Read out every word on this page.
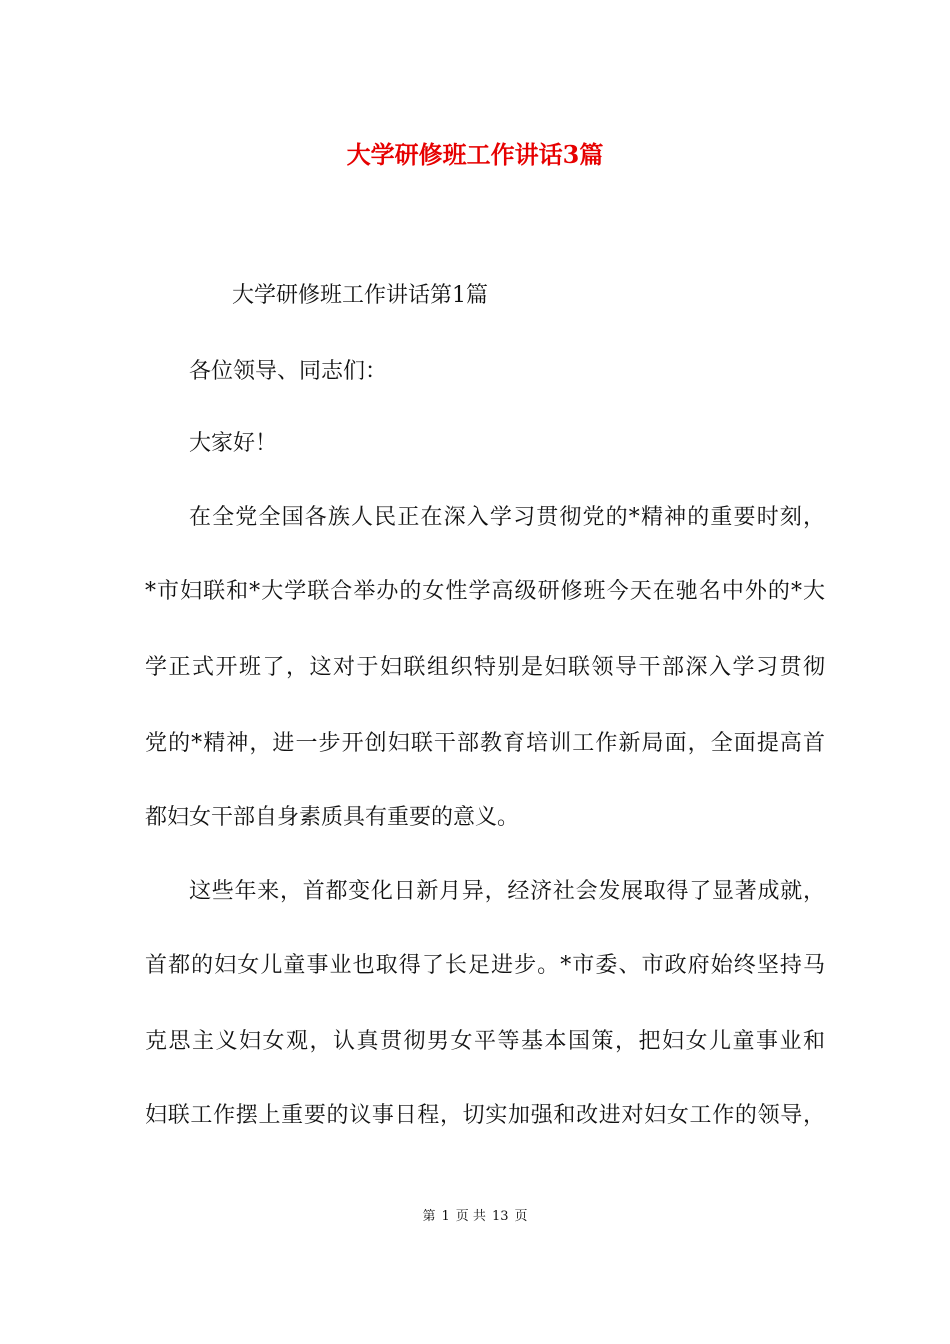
大学研修班工作讲话3篇
大学研修班工作讲话第1篇
各位领导、同志们：
大家好！
在全党全国各族人民正在深入学习贯彻党的*精神的重要时刻，
*市妇联和*大学联合举办的女性学高级研修班今天在驰名中外的*大
学正式开班了，这对于妇联组织特别是妇联领导干部深入学习贯彻
党的*精神，进一步开创妇联干部教育培训工作新局面，全面提高首
都妇女干部自身素质具有重要的意义。
这些年来，首都变化日新月异，经济社会发展取得了显著成就，
首都的妇女儿童事业也取得了长足进步。*市委、市政府始终坚持马
克思主义妇女观，认真贯彻男女平等基本国策，把妇女儿童事业和
妇联工作摆上重要的议事日程，切实加强和改进对妇女工作的领导，
第 1 页 共 13 页
